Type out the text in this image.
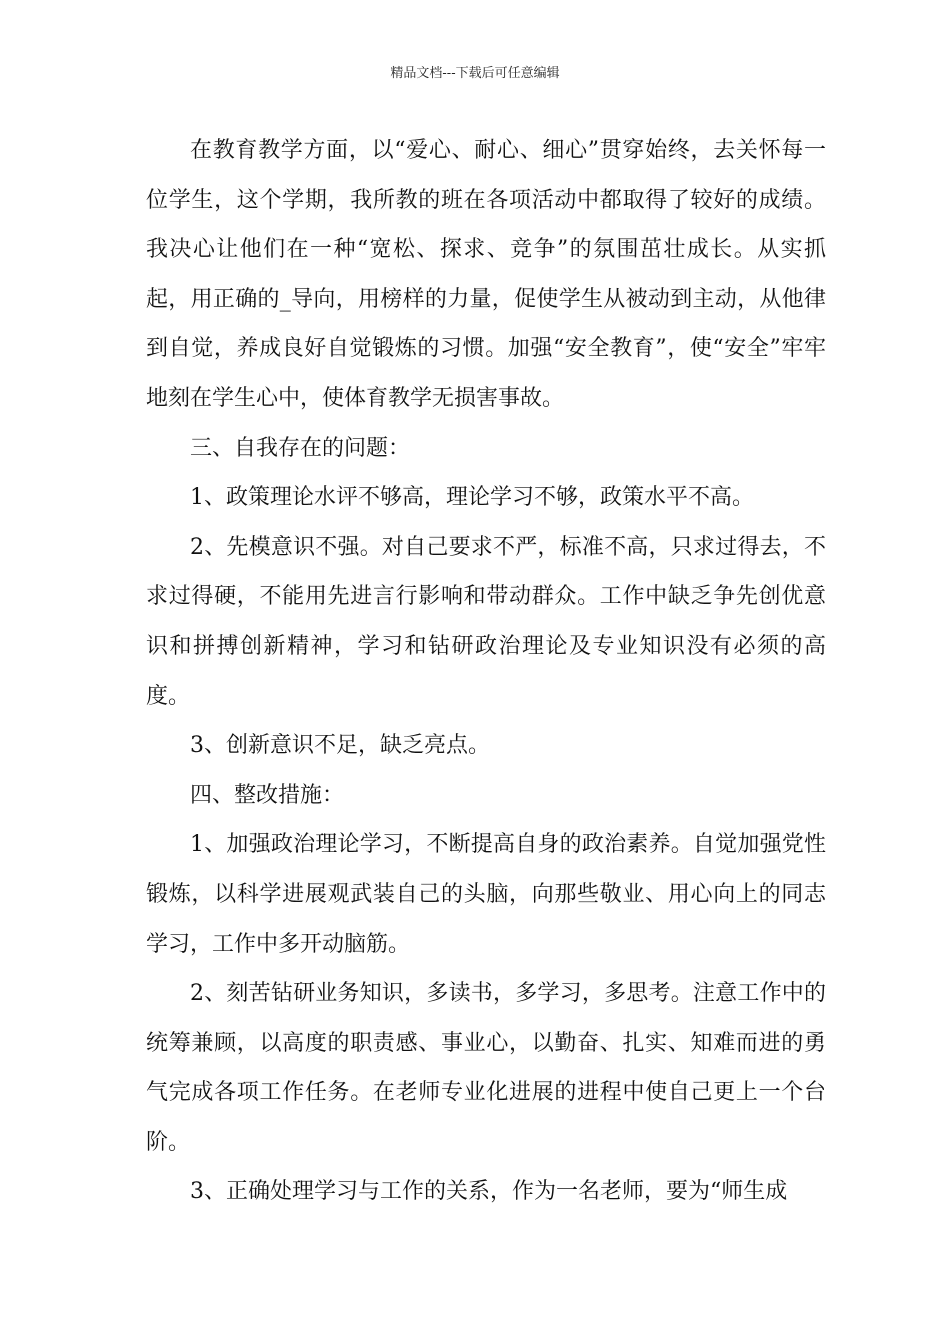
精品文档---下载后可任意编辑

在教育教学方面，以“爱心、耐心、细心”贯穿始终，去关怀每一位学生，这个学期，我所教的班在各项活动中都取得了较好的成绩。我决心让他们在一种“宽松、探求、竞争”的氛围茁壮成长。从实抓起，用正确的_导向，用榜样的力量，促使学生从被动到主动，从他律到自觉，养成良好自觉锻炼的习惯。加强“安全教育”，使“安全”牢牢地刻在学生心中，使体育教学无损害事故。

三、自我存在的问题：

1、政策理论水评不够高，理论学习不够，政策水平不高。

2、先模意识不强。对自己要求不严，标准不高，只求过得去，不求过得硬，不能用先进言行影响和带动群众。工作中缺乏争先创优意识和拼搏创新精神，学习和钻研政治理论及专业知识没有必须的高度。

3、创新意识不足，缺乏亮点。

四、整改措施：

1、加强政治理论学习，不断提高自身的政治素养。自觉加强党性锻炼，以科学进展观武装自己的头脑，向那些敬业、用心向上的同志学习，工作中多开动脑筋。

2、刻苦钻研业务知识，多读书，多学习，多思考。注意工作中的统筹兼顾，以高度的职责感、事业心，以勤奋、扎实、知难而进的勇气完成各项工作任务。在老师专业化进展的进程中使自己更上一个台阶。

3、正确处理学习与工作的关系，作为一名老师，要为“师生成
